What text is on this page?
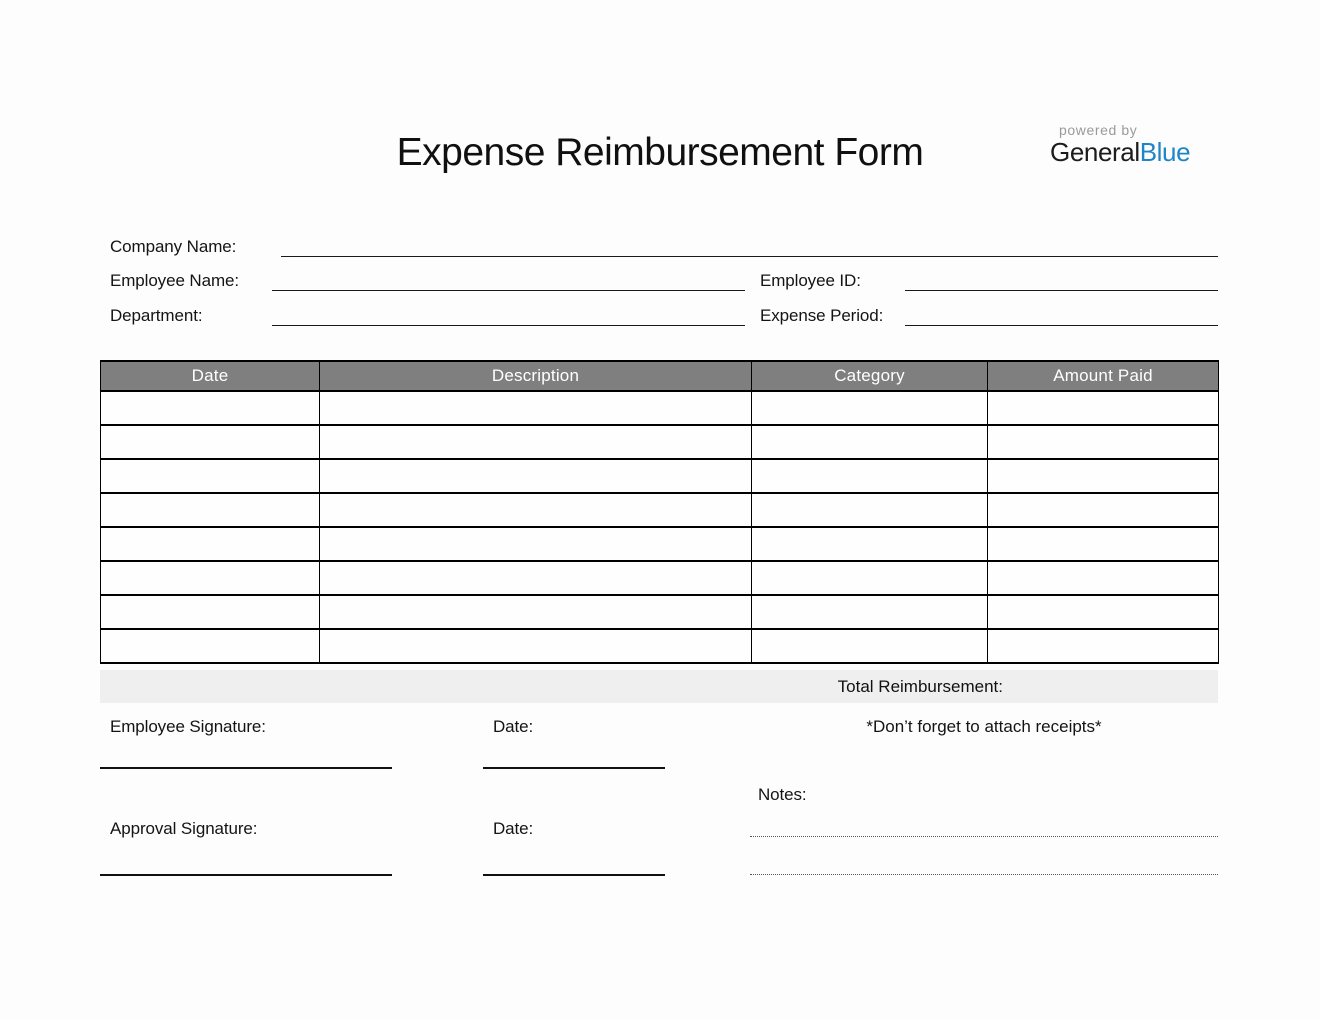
Expense Reimbursement Form
powered by
GeneralBlue
Company Name:
Employee Name:	Employee ID:
Department:	Expense Period:
Date	Description	Category	Amount Paid

Total Reimbursement:
Employee Signature:	Date:	*Don’t forget to attach receipts*
Notes:
Approval Signature:	Date:
